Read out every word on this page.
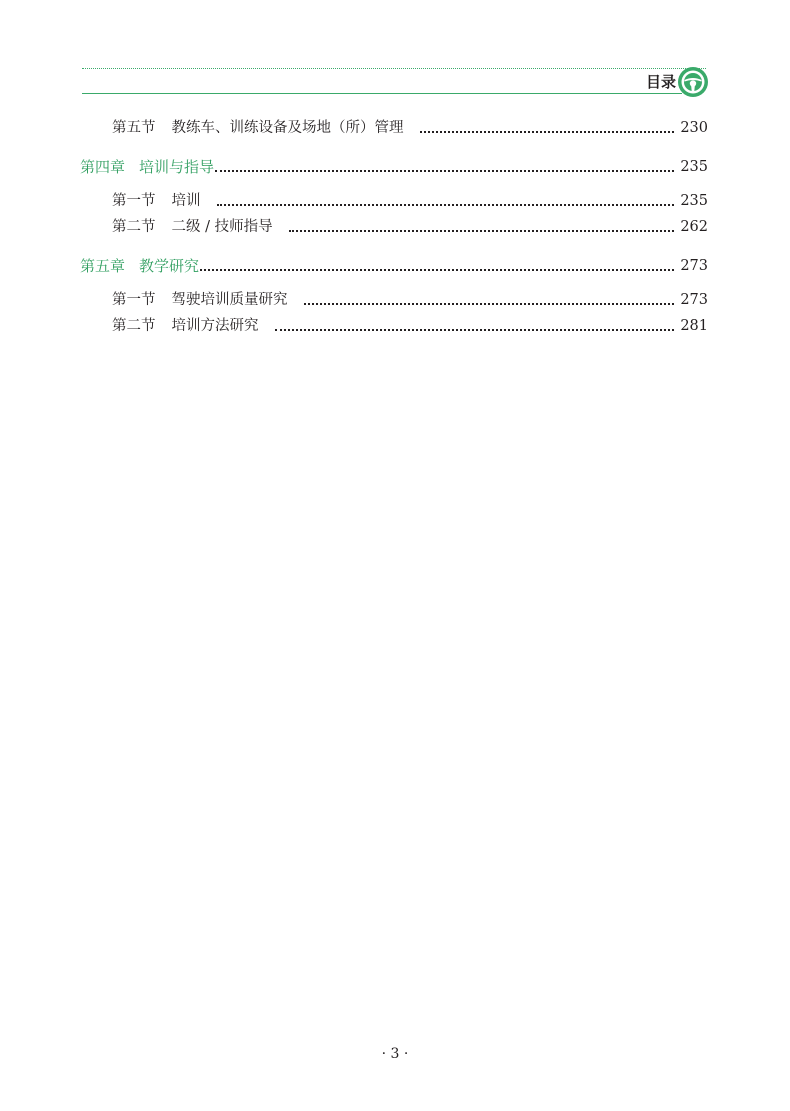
目录
第五节 教练车、训练设备及场地（所）管理	230
第四章 培训与指导	235
第一节 培训	235
第二节 二级 / 技师指导	262
第五章 教学研究	273
第一节 驾驶培训质量研究	273
第二节 培训方法研究	281
· 3 ·
